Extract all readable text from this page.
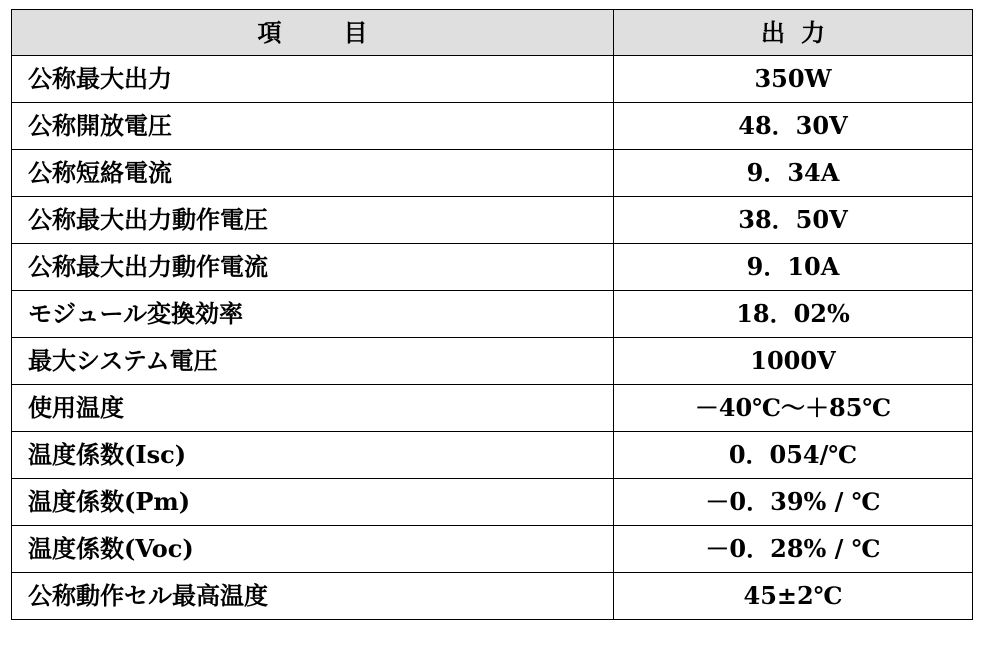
項目	出力
公称最大出力	350W
公称開放電圧	48．30V
公称短絡電流	9．34A
公称最大出力動作電圧	38．50V
公称最大出力動作電流	9．10A
モジュール変換効率	18．02%
最大システム電圧	1000V
使用温度	－40℃～＋85℃
温度係数(Isc)	0．054/℃
温度係数(Pm)	－0．39% / ℃
温度係数(Voc)	－0．28% / ℃
公称動作セル最高温度	45±2℃
